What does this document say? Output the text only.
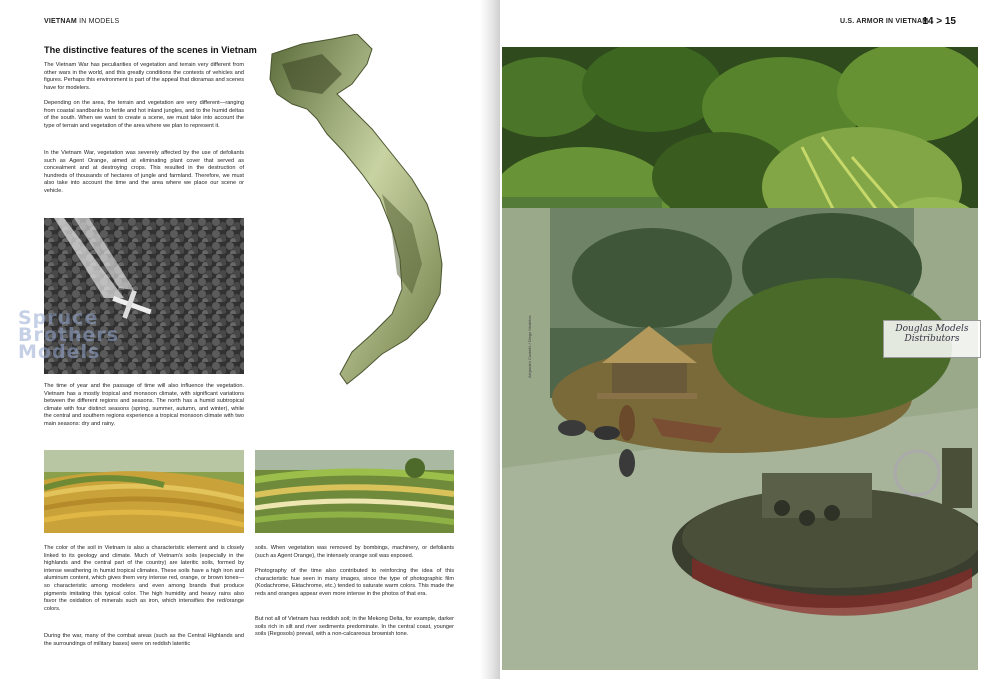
VIETNAM IN MODELS
The distinctive features of the scenes in Vietnam

The Vietnam War has peculiarities of vegetation and terrain very different from other wars in the world, and this greatly conditions the contexts of vehicles and figures. Perhaps this environment is part of the appeal that dioramas and scenes have for modelers.

Depending on the area, the terrain and vegetation are very different—ranging from coastal sandbanks to fertile and hot inland jungles, and to the humid deltas of the south. When we want to create a scene, we must take into account the type of terrain and vegetation of the area where we plan to represent it.

In the Vietnam War, vegetation was severely affected by the use of defoliants such as Agent Orange, aimed at eliminating plant cover that served as concealment and at destroying crops. This resulted in the destruction of hundreds of thousands of hectares of jungle and farmland. Therefore, we must also take into account the time and the area where we place our scene or vehicle.

The time of year and the passage of time will also influence the vegetation. Vietnam has a mostly tropical and monsoon climate, with significant variations between the different regions and seasons. The north has a humid subtropical climate with four distinct seasons (spring, summer, autumn, and winter), while the central and southern regions experience a tropical monsoon climate with two main seasons: dry and rainy.

The color of the soil in Vietnam is also a characteristic element and is closely linked to its geology and climate. Much of Vietnam's soils (especially in the highlands and the central part of the country) are lateritic soils, formed by intense weathering in humid tropical climates. These soils have a high iron and aluminum content, which gives them very intense red, orange, or brown tones—so characteristic among modelers and even among brands that produce pigments imitating this typical color. The high humidity and heavy rains also favor the oxidation of minerals such as iron, which intensifies the red/orange colors.

During the war, many of the combat areas (such as the Central Highlands and the surroundings of military bases) were on reddish lateritic

soils. When vegetation was removed by bombings, machinery, or defoliants (such as Agent Orange), the intensely orange soil was exposed.

Photography of the time also contributed to reinforcing the idea of this characteristic hue seen in many images, since the type of photographic film (Kodachrome, Ektachrome, etc.) tended to saturate warm colors. This made the reds and oranges appear even more intense in the photos of that era.

But not all of Vietnam has reddish soil; in the Mekong Delta, for example, darker soils rich in silt and river sediments predominate. In the central coast, younger soils (Regosols) prevail, with a non-calcareous brownish tone.

Spruce Brothers Models
U.S. ARMOR IN VIETNAM
14 > 15
Douglas Models Distributors
Alejandro Castelló / Diego Modelos
